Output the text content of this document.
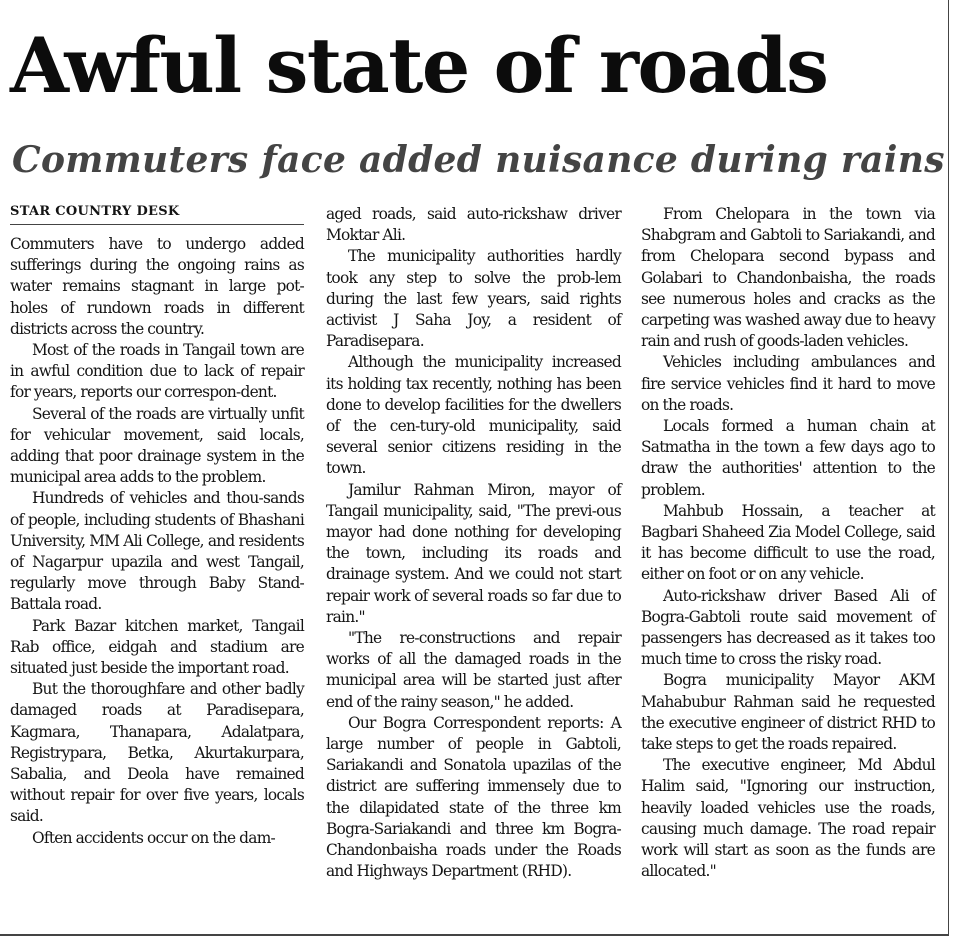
Awful state of roads
Commuters face added nuisance during rains
STAR COUNTRY DESK

Commuters have to undergo added sufferings during the ongoing rains as water remains stagnant in large pot-holes of rundown roads in different districts across the country.

Most of the roads in Tangail town are in awful condition due to lack of repair for years, reports our correspon-dent.

Several of the roads are virtually unfit for vehicular movement, said locals, adding that poor drainage system in the municipal area adds to the problem.

Hundreds of vehicles and thou-sands of people, including students of Bhashani University, MM Ali College, and residents of Nagarpur upazila and west Tangail, regularly move through Baby Stand-Battala road.

Park Bazar kitchen market, Tangail Rab office, eidgah and stadium are situated just beside the important road.

But the thoroughfare and other badly damaged roads at Paradisepara, Kagmara, Thanapara, Adalatpara, Registrypara, Betka, Akurtakurpara, Sabalia, and Deola have remained without repair for over five years, locals said.

Often accidents occur on the dam-

aged roads, said auto-rickshaw driver Moktar Ali.

The municipality authorities hardly took any step to solve the prob-lem during the last few years, said rights activist J Saha Joy, a resident of Paradisepara.

Although the municipality increased its holding tax recently, nothing has been done to develop facilities for the dwellers of the cen-tury-old municipality, said several senior citizens residing in the town.

Jamilur Rahman Miron, mayor of Tangail municipality, said, "The previ-ous mayor had done nothing for developing the town, including its roads and drainage system. And we could not start repair work of several roads so far due to rain."

"The re-constructions and repair works of all the damaged roads in the municipal area will be started just after end of the rainy season," he added.

Our Bogra Correspondent reports: A large number of people in Gabtoli, Sariakandi and Sonatola upazilas of the district are suffering immensely due to the dilapidated state of the three km Bogra-Sariakandi and three km Bogra-Chandonbaisha roads under the Roads and Highways Department (RHD).

From Chelopara in the town via Shabgram and Gabtoli to Sariakandi, and from Chelopara second bypass and Golabari to Chandonbaisha, the roads see numerous holes and cracks as the carpeting was washed away due to heavy rain and rush of goods-laden vehicles.

Vehicles including ambulances and fire service vehicles find it hard to move on the roads.

Locals formed a human chain at Satmatha in the town a few days ago to draw the authorities' attention to the problem.

Mahbub Hossain, a teacher at Bagbari Shaheed Zia Model College, said it has become difficult to use the road, either on foot or on any vehicle.

Auto-rickshaw driver Based Ali of Bogra-Gabtoli route said movement of passengers has decreased as it takes too much time to cross the risky road.

Bogra municipality Mayor AKM Mahabubur Rahman said he requested the executive engineer of district RHD to take steps to get the roads repaired.

The executive engineer, Md Abdul Halim said, "Ignoring our instruction, heavily loaded vehicles use the roads, causing much damage. The road repair work will start as soon as the funds are allocated."
